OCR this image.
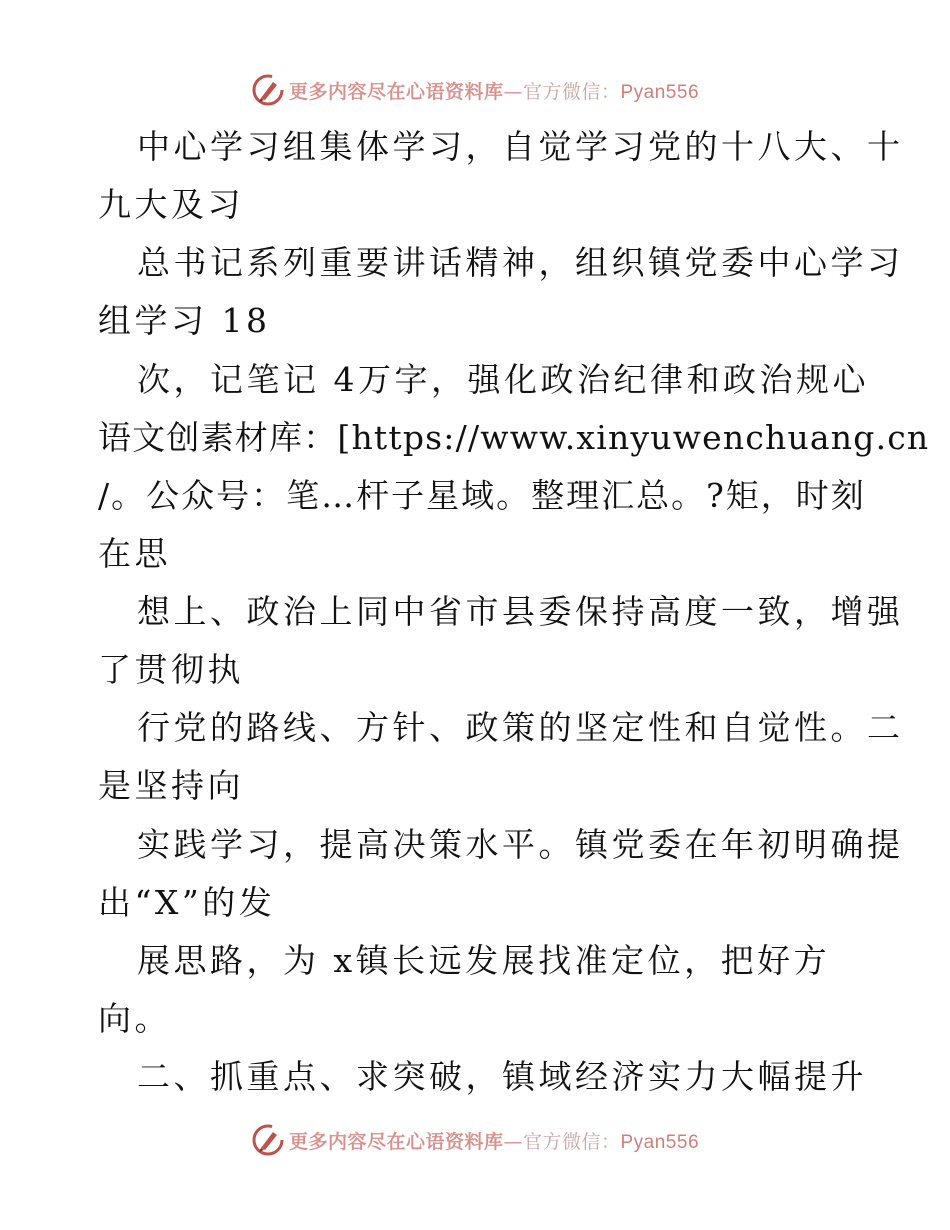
更多内容尽在心语资料库—官方微信：Pyan556
中心学习组集体学习，自觉学习党的十八大、十
九大及习
总书记系列重要讲话精神，组织镇党委中心学习
组学习 18
次，记笔记 4万字，强化政治纪律和政治规心
语文创素材库：[https://www.xinyuwenchuang.cn
/。公众号：笔…杆子星域。整理汇总。?矩，时刻
在思
想上、政治上同中省市县委保持高度一致，增强
了贯彻执
行党的路线、方针、政策的坚定性和自觉性。二
是坚持向
实践学习，提高决策水平。镇党委在年初明确提
出“X”的发
展思路，为 x镇长远发展找准定位，把好方
向。
二、抓重点、求突破，镇域经济实力大幅提升
更多内容尽在心语资料库—官方微信：Pyan556
